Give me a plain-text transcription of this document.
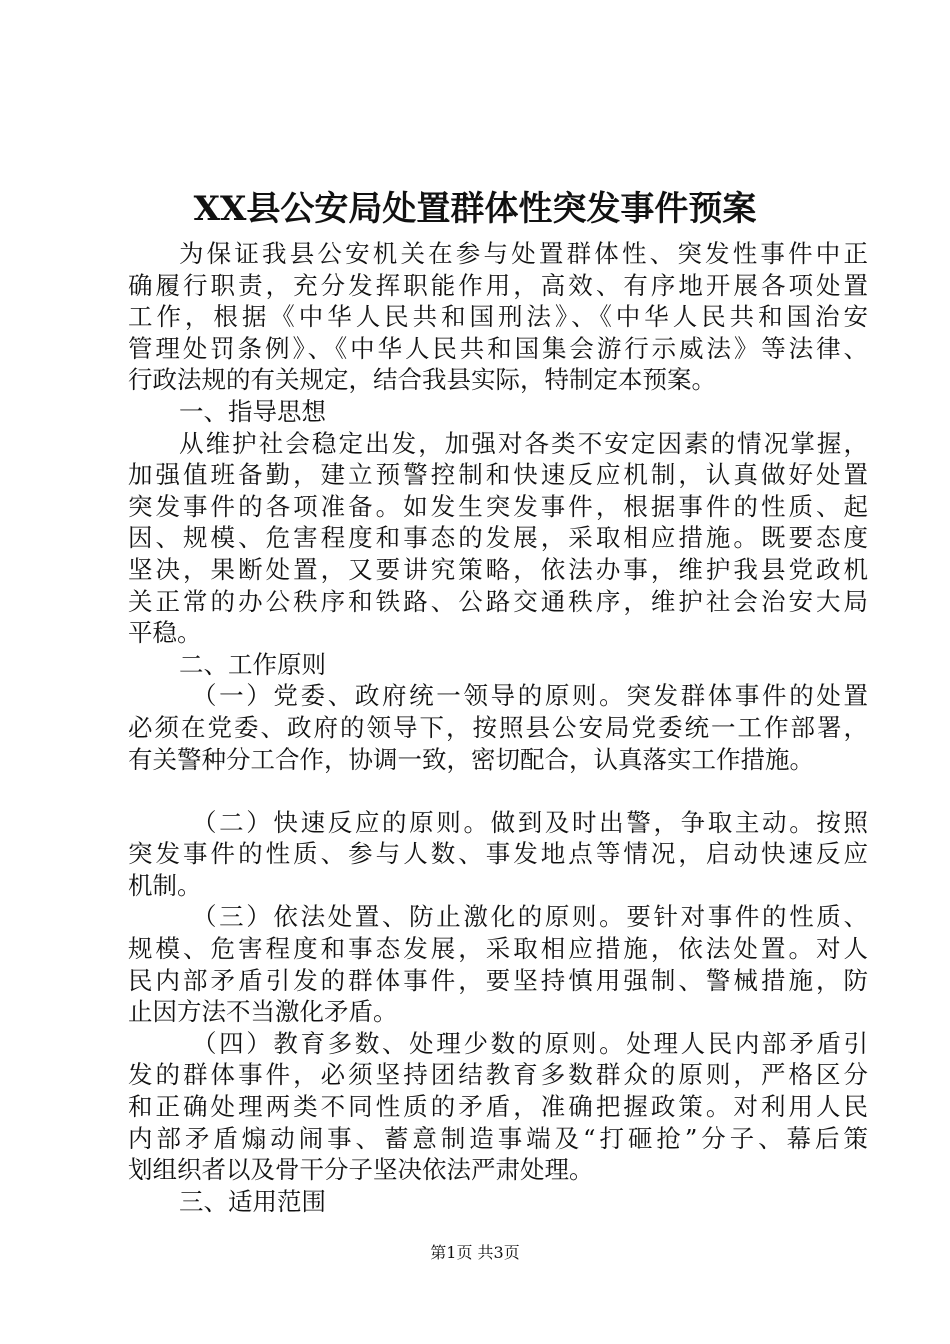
XX县公安局处置群体性突发事件预案
为保证我县公安机关在参与处置群体性、突发性事件中正
确履行职责，充分发挥职能作用，高效、有序地开展各项处置
工作，根据《中华人民共和国刑法》、《中华人民共和国治安
管理处罚条例》、《中华人民共和国集会游行示威法》等法律、
行政法规的有关规定，结合我县实际，特制定本预案。
一、指导思想
从维护社会稳定出发，加强对各类不安定因素的情况掌握，
加强值班备勤，建立预警控制和快速反应机制，认真做好处置
突发事件的各项准备。如发生突发事件，根据事件的性质、起
因、规模、危害程度和事态的发展，采取相应措施。既要态度
坚决，果断处置，又要讲究策略，依法办事，维护我县党政机
关正常的办公秩序和铁路、公路交通秩序，维护社会治安大局
平稳。
二、工作原则
（一）党委、政府统一领导的原则。突发群体事件的处置
必须在党委、政府的领导下，按照县公安局党委统一工作部署，
有关警种分工合作，协调一致，密切配合，认真落实工作措施。
（二）快速反应的原则。做到及时出警，争取主动。按照
突发事件的性质、参与人数、事发地点等情况，启动快速反应
机制。
（三）依法处置、防止激化的原则。要针对事件的性质、
规模、危害程度和事态发展，采取相应措施，依法处置。对人
民内部矛盾引发的群体事件，要坚持慎用强制、警械措施，防
止因方法不当激化矛盾。
（四）教育多数、处理少数的原则。处理人民内部矛盾引
发的群体事件，必须坚持团结教育多数群众的原则，严格区分
和正确处理两类不同性质的矛盾，准确把握政策。对利用人民
内部矛盾煽动闹事、蓄意制造事端及“打砸抢”分子、幕后策
划组织者以及骨干分子坚决依法严肃处理。
三、适用范围
第1页 共3页
